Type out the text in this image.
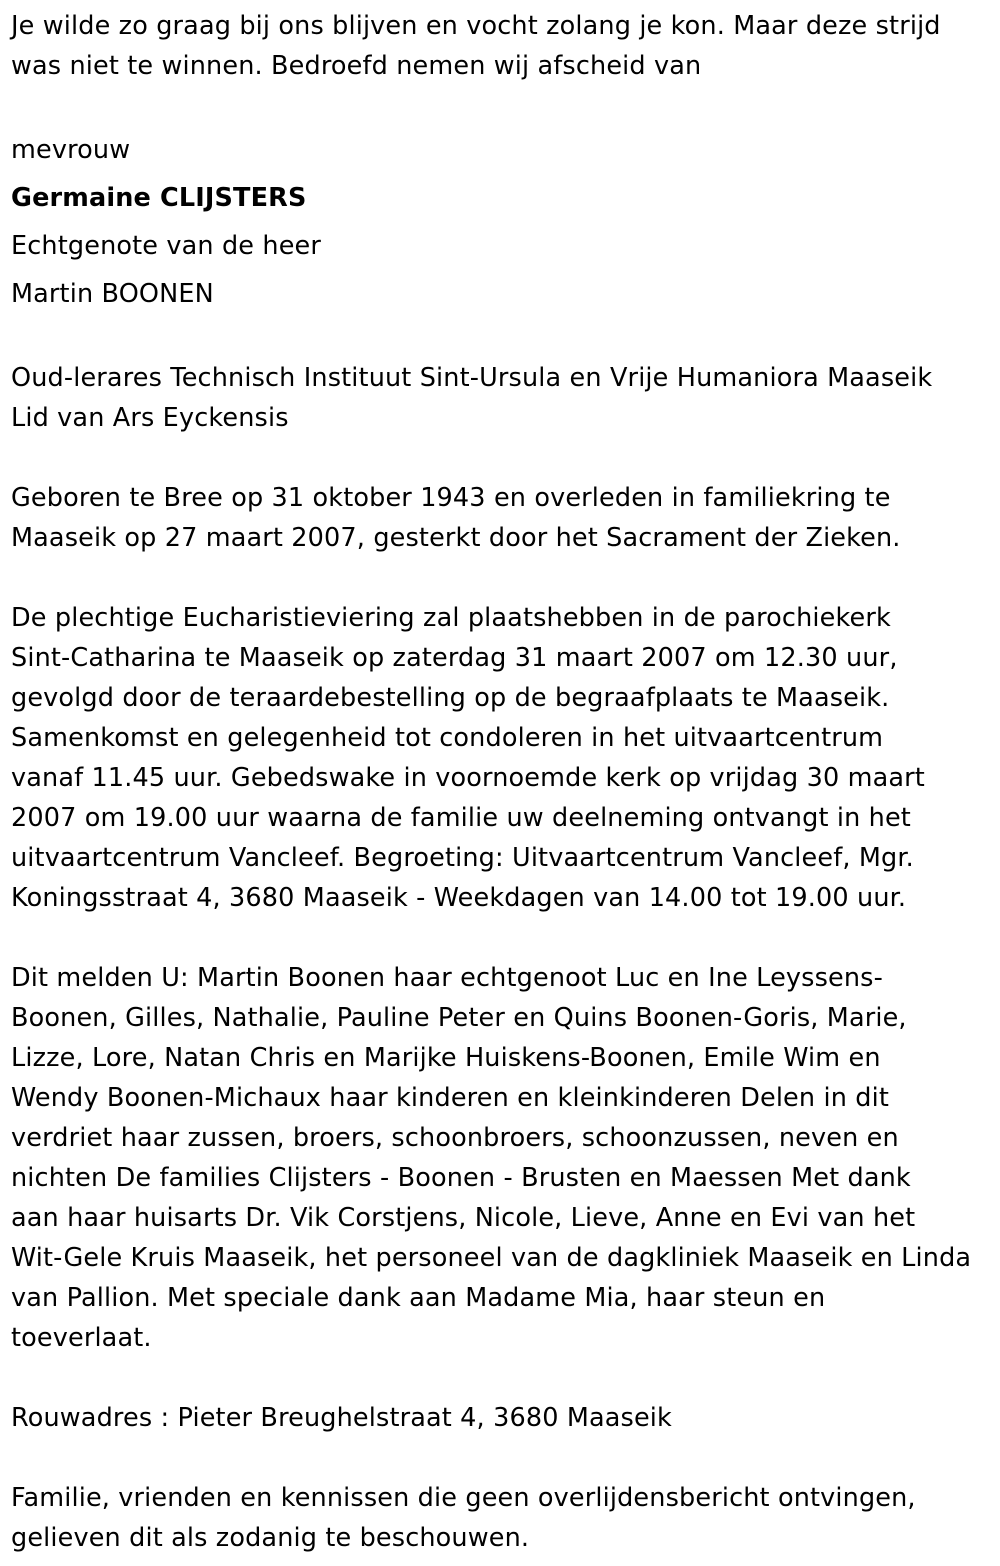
Je wilde zo graag bij ons blijven en vocht zolang je kon. Maar deze strijd
was niet te winnen. Bedroefd nemen wij afscheid van
mevrouw
Germaine CLIJSTERS
Echtgenote van de heer
Martin BOONEN
Oud-lerares Technisch Instituut Sint-Ursula en Vrije Humaniora Maaseik
Lid van Ars Eyckensis
Geboren te Bree op 31 oktober 1943 en overleden in familiekring te
Maaseik op 27 maart 2007, gesterkt door het Sacrament der Zieken.
De plechtige Eucharistieviering zal plaatshebben in de parochiekerk
Sint-Catharina te Maaseik op zaterdag 31 maart 2007 om 12.30 uur,
gevolgd door de teraardebestelling op de begraafplaats te Maaseik.
Samenkomst en gelegenheid tot condoleren in het uitvaartcentrum
vanaf 11.45 uur. Gebedswake in voornoemde kerk op vrijdag 30 maart
2007 om 19.00 uur waarna de familie uw deelneming ontvangt in het
uitvaartcentrum Vancleef. Begroeting: Uitvaartcentrum Vancleef, Mgr.
Koningsstraat 4, 3680 Maaseik - Weekdagen van 14.00 tot 19.00 uur.
Dit melden U: Martin Boonen haar echtgenoot Luc en Ine Leyssens-
Boonen, Gilles, Nathalie, Pauline Peter en Quins Boonen-Goris, Marie,
Lizze, Lore, Natan Chris en Marijke Huiskens-Boonen, Emile Wim en
Wendy Boonen-Michaux haar kinderen en kleinkinderen Delen in dit
verdriet haar zussen, broers, schoonbroers, schoonzussen, neven en
nichten De families Clijsters - Boonen - Brusten en Maessen Met dank
aan haar huisarts Dr. Vik Corstjens, Nicole, Lieve, Anne en Evi van het
Wit-Gele Kruis Maaseik, het personeel van de dagkliniek Maaseik en Linda
van Pallion. Met speciale dank aan Madame Mia, haar steun en
toeverlaat.
Rouwadres : Pieter Breughelstraat 4, 3680 Maaseik
Familie, vrienden en kennissen die geen overlijdensbericht ontvingen,
gelieven dit als zodanig te beschouwen.
